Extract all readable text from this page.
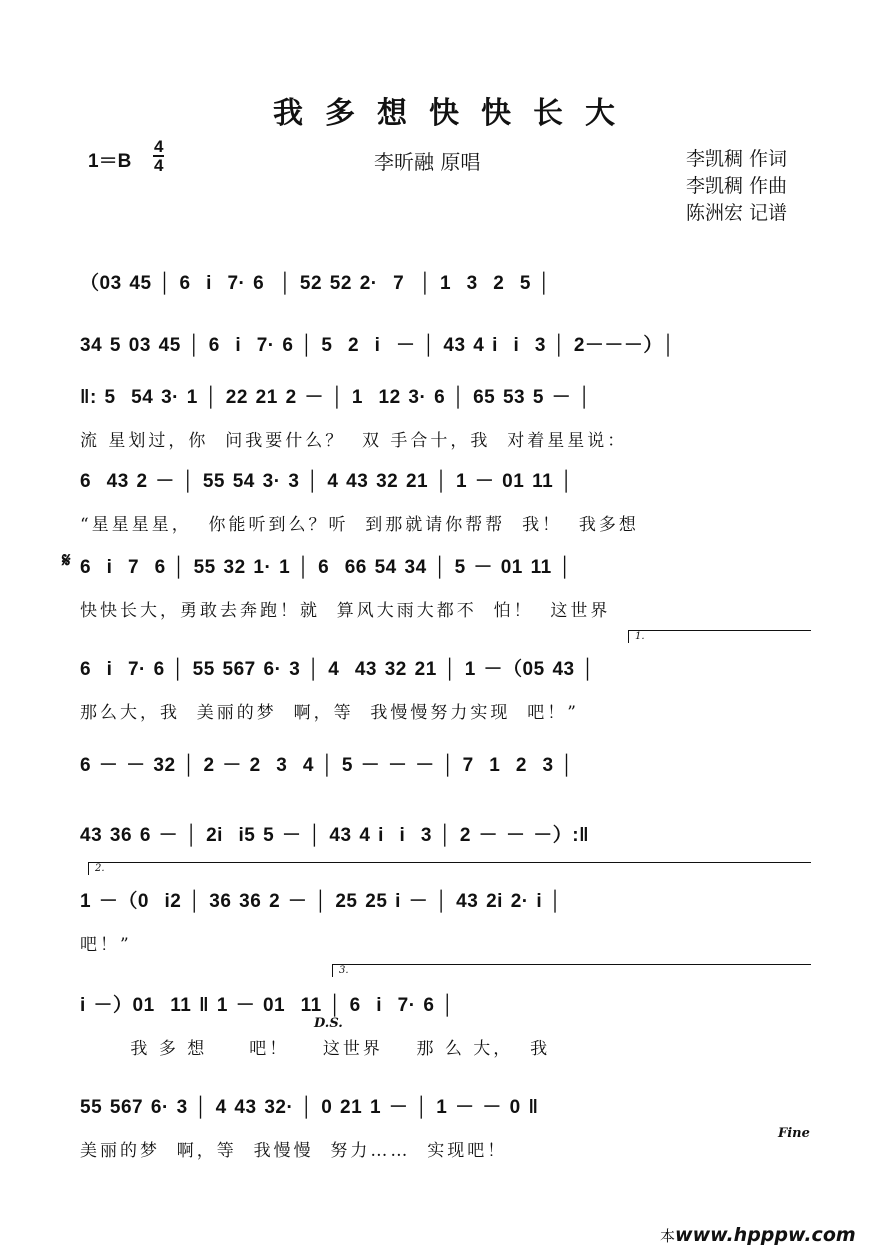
我多想快快长大
1＝B
4
4	李昕融 原唱	李凯稠 作词
李凯稠 作曲
陈洲宏 记谱
（03 45 │ 6  i  7· 6  │ 52 52 2·  7  │ 1  3  2  5 │
34 5 03 45 │ 6  i  7· 6 │ 5  2  i  － │ 43 4 i  i  3 │ 2－－－）│
‖: 5  54 3· 1 │ 22 21 2 － │ 1  12 3· 6 │ 65 53 5 － │
流 星划过，你  问我要什么？  双 手合十，我  对着星星说：
6  43 2 － │ 55 54 3· 3 │ 4 43 32 21 │ 1 － 01 11 │
“星星星星，  你能听到么？听  到那就请你帮帮  我！  我多想
𝄋 6  i  7  6 │ 55 32 1· 1 │ 6  66 54 34 │ 5 － 01 11 │
快快长大，勇敢去奔跑！就  算风大雨大都不  怕！  这世界
1.
6  i  7· 6 │ 55 567 6· 3 │ 4  43 32 21 │ 1 －（05 43 │
那么大，我  美丽的梦  啊，等  我慢慢努力实现  吧！”
6 － － 32 │ 2 － 2  3  4 │ 5 － － － │ 7  1  2  3 │
43 36 6 － │ 2i  i5 5 － │ 43 4 i  i  3 │ 2 － － －）:‖
2.
1 －（0  i2 │ 36 36 2 － │ 25 25 i － │ 43 2i 2· i │
吧！”
3.
i －）01  11 ‖ 1 － 01  11 │ 6  i  7· 6 │
我 多 想     吧！    这世界    那 么 大，  我
D.S.
55 567 6· 3 │ 4 43 32· │ 0 21 1 － │ 1 － － 0 ‖
美丽的梦  啊，等  我慢慢  努力……  实现吧！
Fine
本www.hpppw.com
